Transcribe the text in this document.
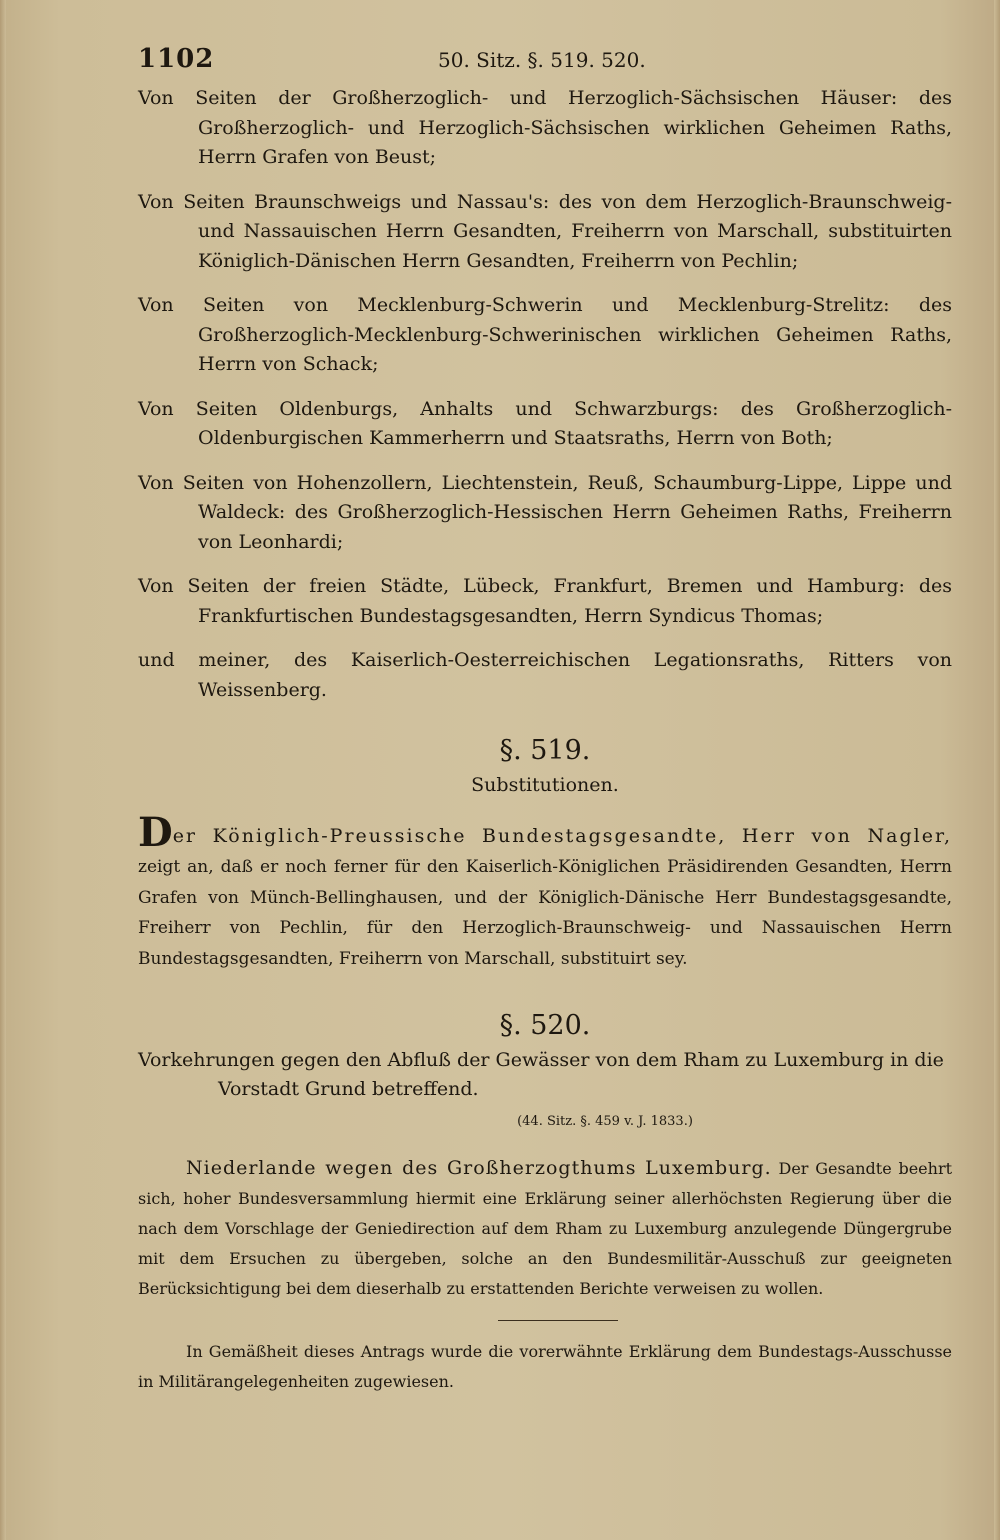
1102	50. Sitz. §. 519. 520.

Von Seiten der Großherzoglich- und Herzoglich-Sächsischen Häuser: des Großherzoglich- und Herzoglich-Sächsischen wirklichen Geheimen Raths, Herrn Grafen von Beust;

Von Seiten Braunschweigs und Nassau's: des von dem Herzoglich-Braunschweig- und Nassauischen Herrn Gesandten, Freiherrn von Marschall, substituirten Königlich-Dänischen Herrn Gesandten, Freiherrn von Pechlin;

Von Seiten von Mecklenburg-Schwerin und Mecklenburg-Strelitz: des Großherzoglich-Mecklenburg-Schwerinischen wirklichen Geheimen Raths, Herrn von Schack;

Von Seiten Oldenburgs, Anhalts und Schwarzburgs: des Großherzoglich-Oldenburgischen Kammerherrn und Staatsraths, Herrn von Both;

Von Seiten von Hohenzollern, Liechtenstein, Reuß, Schaumburg-Lippe, Lippe und Waldeck: des Großherzoglich-Hessischen Herrn Geheimen Raths, Freiherrn von Leonhardi;

Von Seiten der freien Städte, Lübeck, Frankfurt, Bremen und Hamburg: des Frankfurtischen Bundestagsgesandten, Herrn Syndicus Thomas;

und meiner, des Kaiserlich-Oesterreichischen Legationsraths, Ritters von Weissenberg.

§. 519.
Substitutionen.

Der Königlich-Preussische Bundestagsgesandte, Herr von Nagler, zeigt an, daß er noch ferner für den Kaiserlich-Königlichen Präsidirenden Gesandten, Herrn Grafen von Münch-Bellinghausen, und der Königlich-Dänische Herr Bundestagsgesandte, Freiherr von Pechlin, für den Herzoglich-Braunschweig- und Nassauischen Herrn Bundestagsgesandten, Freiherrn von Marschall, substituirt sey.

§. 520.

Vorkehrungen gegen den Abfluß der Gewässer von dem Rham zu Luxemburg in die Vorstadt Grund betreffend.

(44. Sitz. §. 459 v. J. 1833.)

Niederlande wegen des Großherzogthums Luxemburg. Der Gesandte beehrt sich, hoher Bundesversammlung hiermit eine Erklärung seiner allerhöchsten Regierung über die nach dem Vorschlage der Geniedirection auf dem Rham zu Luxemburg anzulegende Düngergrube mit dem Ersuchen zu übergeben, solche an den Bundesmilitär-Ausschuß zur geeigneten Berücksichtigung bei dem dieserhalb zu erstattenden Berichte verweisen zu wollen.

In Gemäßheit dieses Antrags wurde die vorerwähnte Erklärung dem Bundestags-Ausschusse in Militärangelegenheiten zugewiesen.
